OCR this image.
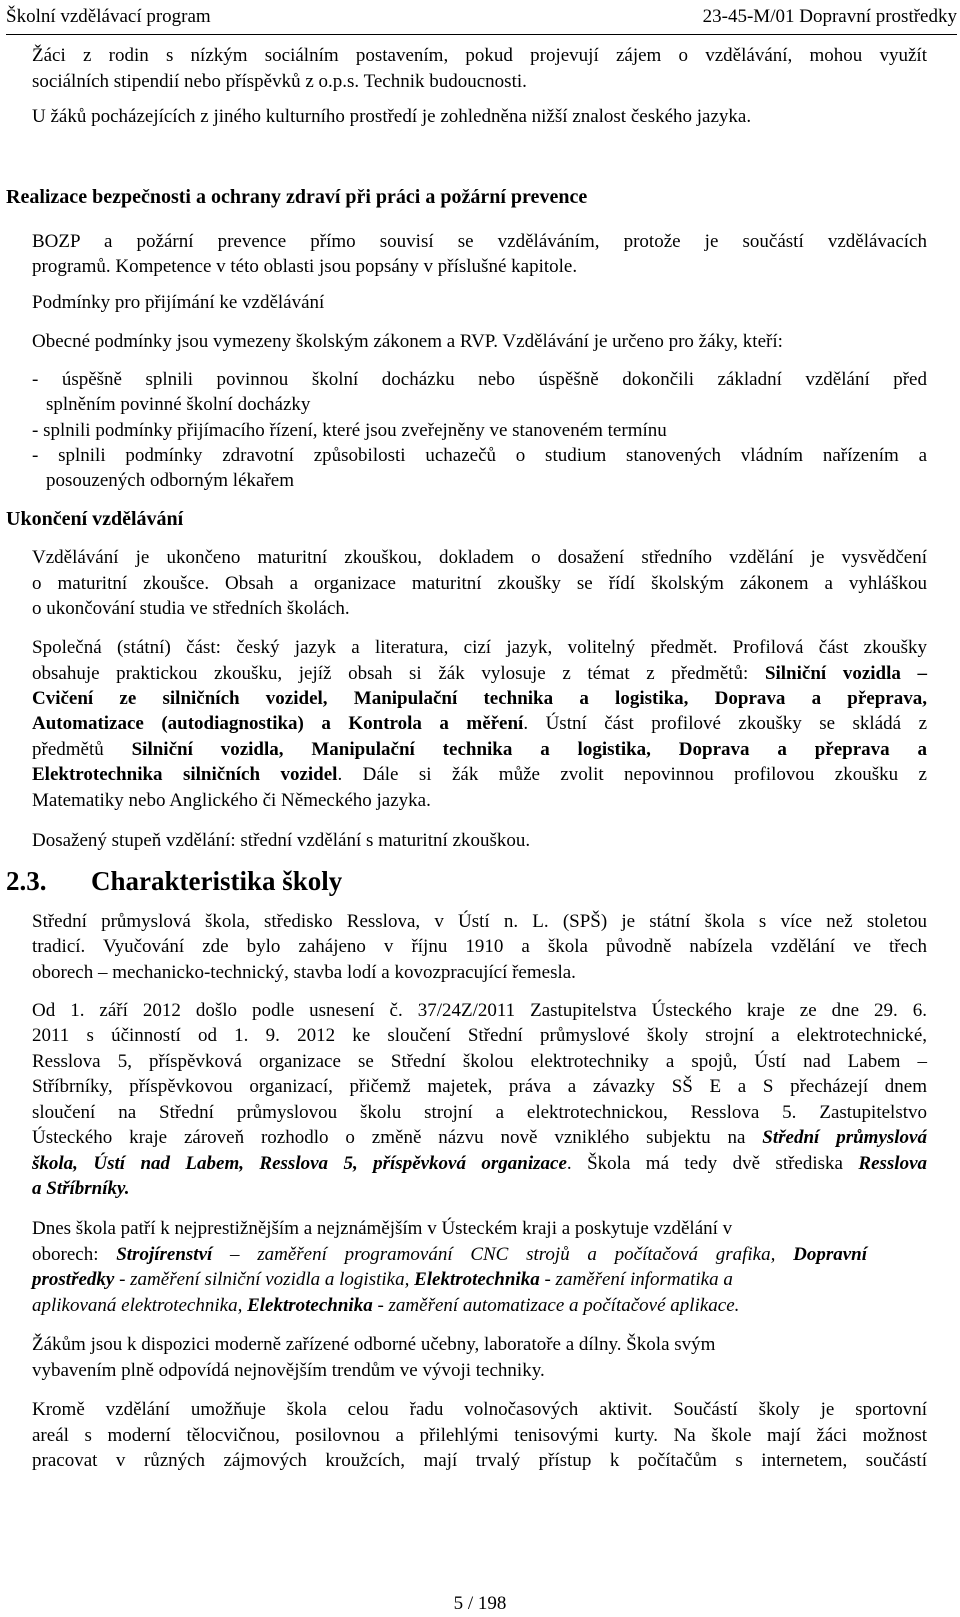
Školní vzdělávací program	23-45-M/01 Dopravní prostředky

Žáci z rodin s nízkým sociálním postavením, pokud projevují zájem o vzdělávání, mohou využít

sociálních stipendií nebo příspěvků z o.p.s. Technik budoucnosti.

U žáků pocházejících z jiného kulturního prostředí je zohledněna nižší znalost českého jazyka.

Realizace bezpečnosti a ochrany zdraví při práci a požární prevence

BOZP a požární prevence přímo souvisí se vzděláváním, protože je součástí vzdělávacích

programů. Kompetence v této oblasti jsou popsány v příslušné kapitole.

Podmínky pro přijímání ke vzdělávání

Obecné podmínky jsou vymezeny školským zákonem a RVP. Vzdělávání je určeno pro žáky, kteří:

- úspěšně splnili povinnou školní docházku nebo úspěšně dokončili základní vzdělání před

splněním povinné školní docházky

- splnili podmínky přijímacího řízení, které jsou zveřejněny ve stanoveném termínu

- splnili podmínky zdravotní způsobilosti uchazečů o studium stanovených vládním nařízením a

posouzených odborným lékařem

Ukončení vzdělávání

Vzdělávání je ukončeno maturitní zkouškou, dokladem o dosažení středního vzdělání je vysvědčení

o maturitní zkoušce. Obsah a organizace maturitní zkoušky se řídí školským zákonem a vyhláškou

o ukončování studia ve středních školách.

Společná (státní) část: český jazyk a literatura, cizí jazyk, volitelný předmět. Profilová část zkoušky

obsahuje praktickou zkoušku, jejíž obsah si žák vylosuje z témat z předmětů: Silniční vozidla –

Cvičení ze silničních vozidel, Manipulační technika a logistika, Doprava a přeprava,

Automatizace (autodiagnostika) a Kontrola a měření. Ústní část profilové zkoušky se skládá z

předmětů Silniční vozidla, Manipulační technika a logistika, Doprava a přeprava a

Elektrotechnika silničních vozidel. Dále si žák může zvolit nepovinnou profilovou zkoušku z

Matematiky nebo Anglického či Německého jazyka.

Dosažený stupeň vzdělání: střední vzdělání s maturitní zkouškou.

2.3. Charakteristika školy

Střední průmyslová škola, středisko Resslova, v Ústí n. L. (SPŠ) je státní škola s více než stoletou

tradicí. Vyučování zde bylo zahájeno v říjnu 1910 a škola původně nabízela vzdělání ve třech

oborech – mechanicko-technický, stavba lodí a kovozpracující řemesla.

Od 1. září 2012 došlo podle usnesení č. 37/24Z/2011 Zastupitelstva Ústeckého kraje ze dne 29. 6.

2011 s účinností od 1. 9. 2012 ke sloučení Střední průmyslové školy strojní a elektrotechnické,

Resslova 5, příspěvková organizace se Střední školou elektrotechniky a spojů, Ústí nad Labem –

Stříbrníky, příspěvkovou organizací, přičemž majetek, práva a závazky SŠ E a S přecházejí dnem

sloučení na Střední průmyslovou školu strojní a elektrotechnickou, Resslova 5. Zastupitelstvo

Ústeckého kraje zároveň rozhodlo o změně názvu nově vzniklého subjektu na Střední průmyslová

škola, Ústí nad Labem, Resslova 5, příspěvková organizace. Škola má tedy dvě střediska Resslova

a Stříbrníky.

Dnes škola patří k nejprestižnějším a nejznámějším v Ústeckém kraji a poskytuje vzdělání v

oborech: Strojírenství – zaměření programování CNC strojů a počítačová grafika, Dopravní

prostředky - zaměření silniční vozidla a logistika, Elektrotechnika - zaměření informatika a

aplikovaná elektrotechnika, Elektrotechnika - zaměření automatizace a počítačové aplikace.

Žákům jsou k dispozici moderně zařízené odborné učebny, laboratoře a dílny. Škola svým

vybavením plně odpovídá nejnovějším trendům ve vývoji techniky.

Kromě vzdělání umožňuje škola celou řadu volnočasových aktivit. Součástí školy je sportovní

areál s moderní tělocvičnou, posilovnou a přilehlými tenisovými kurty. Na škole mají žáci možnost

pracovat v různých zájmových kroužcích, mají trvalý přístup k počítačům s internetem, součástí

5 / 198
